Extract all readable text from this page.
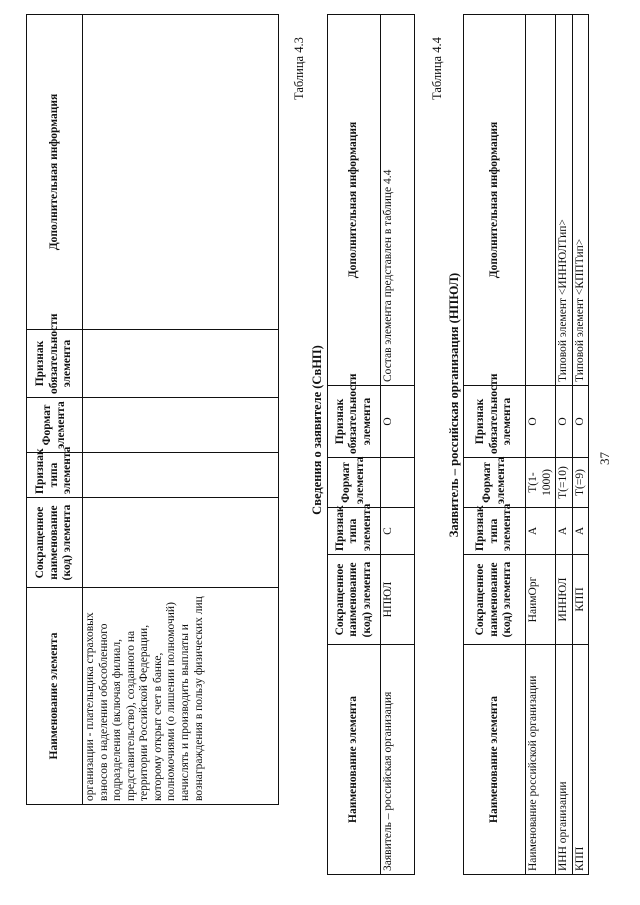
37
Наименование элемента	Сокращенное наименование (код) элемента	Признак типа элемента	Формат элемента	Признак обязательности элемента	Дополнительная информация
организации - плательщика страховых взносов о наделении обособленного подразделения (включая филиал, представительство), созданного на территории Российской Федерации, которому открыт счет в банке, полномочиями (о лишении полномочий) начислять и производить выплаты и вознаграждения в пользу физических лиц					
Таблица 4.3
Сведения о заявителе (СвНП)
Наименование элемента	Сокращенное наименование (код) элемента	Признак типа элемента	Формат элемента	Признак обязательности элемента	Дополнительная информация
Заявитель – российская организация	НПЮЛ	С		О	Состав элемента представлен в таблице 4.4
Таблица 4.4
Заявитель – российская организация (НПЮЛ)
Наименование элемента	Сокращенное наименование (код) элемента	Признак типа элемента	Формат элемента	Признак обязательности элемента	Дополнительная информация
Наименование российской организации	НаимОрг	А	T(1-1000)	О	
ИНН организации	ИННЮЛ	А	T(=10)	О	Типовой элемент <ИННЮЛТип>
КПП	КПП	А	T(=9)	О	Типовой элемент <КППТип>
